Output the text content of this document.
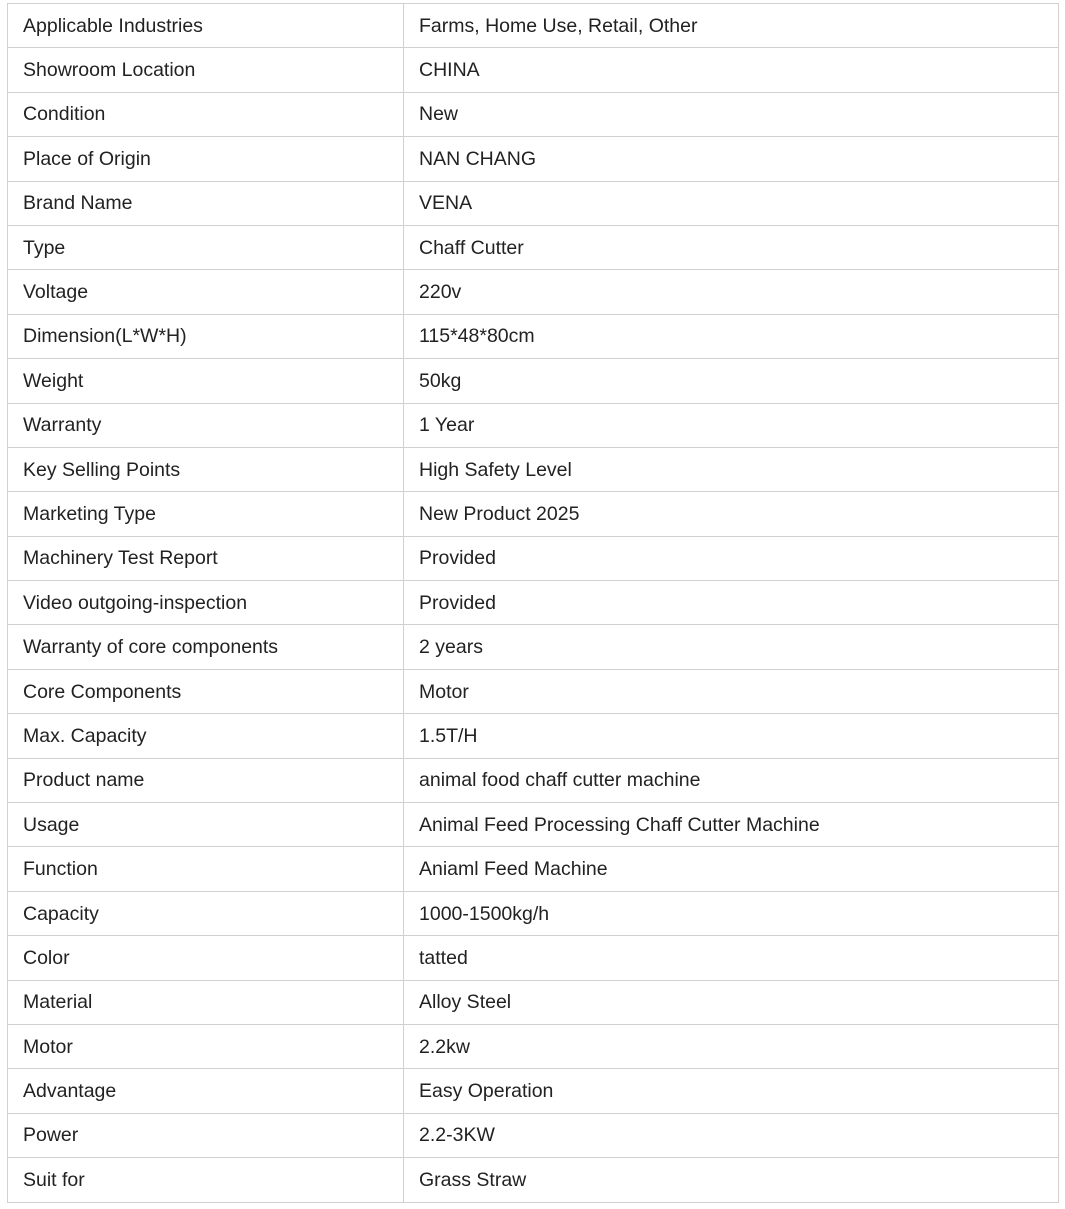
Applicable Industries	Farms, Home Use, Retail, Other
Showroom Location	CHINA
Condition	New
Place of Origin	NAN CHANG
Brand Name	VENA
Type	Chaff Cutter
Voltage	220v
Dimension(L*W*H)	115*48*80cm
Weight	50kg
Warranty	1 Year
Key Selling Points	High Safety Level
Marketing Type	New Product 2025
Machinery Test Report	Provided
Video outgoing-inspection	Provided
Warranty of core components	2 years
Core Components	Motor
Max. Capacity	1.5T/H
Product name	animal food chaff cutter machine
Usage	Animal Feed Processing Chaff Cutter Machine
Function	Aniaml Feed Machine
Capacity	1000-1500kg/h
Color	tatted
Material	Alloy Steel
Motor	2.2kw
Advantage	Easy Operation
Power	2.2-3KW
Suit for	Grass Straw
